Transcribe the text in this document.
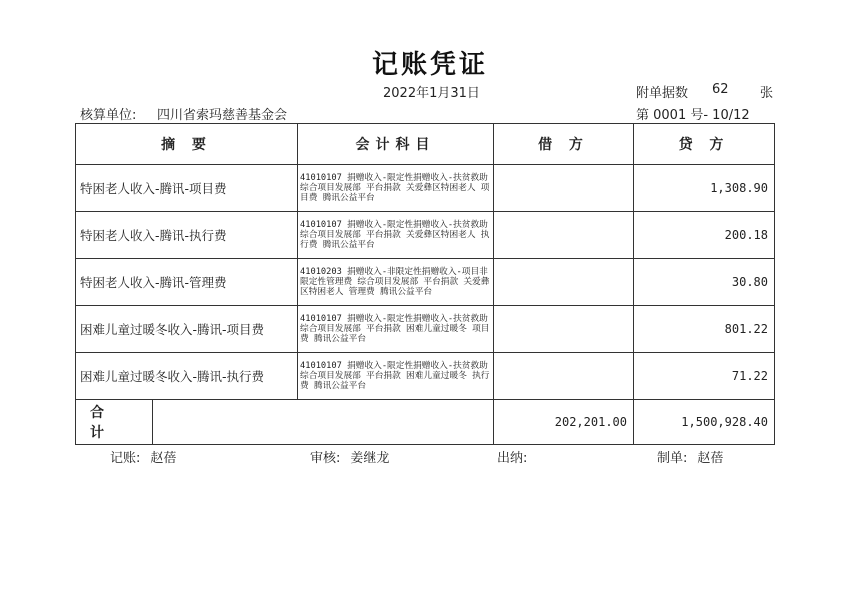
记账凭证
2022年1月31日	附单据数 62 张
核算单位: 四川省索玛慈善基金会	第 0001 号- 10/12
摘 要	会计科目	借 方	贷 方
特困老人收入-腾讯-项目费	41010107 捐赠收入-限定性捐赠收入-扶贫救助 综合项目发展部 平台捐款 关爱彝区特困老人 项目费 腾讯公益平台		1,308.90
特困老人收入-腾讯-执行费	41010107 捐赠收入-限定性捐赠收入-扶贫救助 综合项目发展部 平台捐款 关爱彝区特困老人 执行费 腾讯公益平台		200.18
特困老人收入-腾讯-管理费	41010203 捐赠收入-非限定性捐赠收入-项目非限定性管理费 综合项目发展部 平台捐款 关爱彝区特困老人 管理费 腾讯公益平台		30.80
困难儿童过暖冬收入-腾讯-项目费	41010107 捐赠收入-限定性捐赠收入-扶贫救助 综合项目发展部 平台捐款 困难儿童过暖冬 项目费 腾讯公益平台		801.22
困难儿童过暖冬收入-腾讯-执行费	41010107 捐赠收入-限定性捐赠收入-扶贫救助 综合项目发展部 平台捐款 困难儿童过暖冬 执行费 腾讯公益平台		71.22

合 计		202,201.00	1,500,928.40
记账: 赵蓓	审核: 姜继龙	出纳:	制单: 赵蓓
